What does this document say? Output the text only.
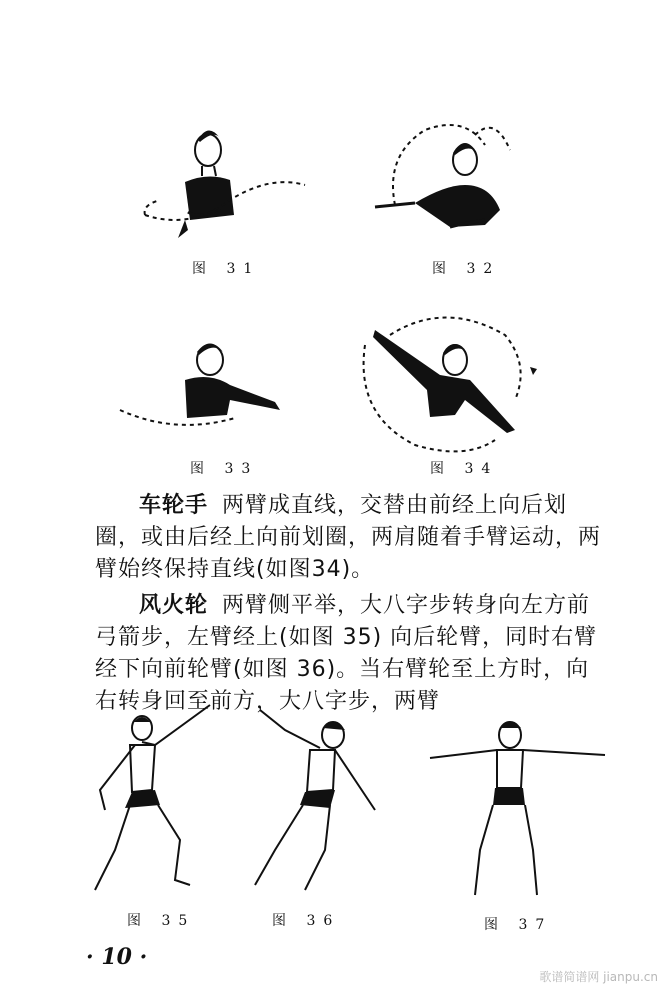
图 31	图 32
图 33	图 34

车轮手 两臂成直线，交替由前经上向后划圈，或由后经上向前划圈，两肩随着手臂运动，两臂始终保持直线(如图34)。

风火轮 两臂侧平举，大八字步转身向左方前弓箭步，左臂经上(如图 35) 向后轮臂，同时右臂经下向前轮臂(如图 36)。当右臂轮至上方时，向右转身回至前方，大八字步，两臂

图 35	图 36	图 37
· 10 ·
歌谱简谱网 jianpu.cn
